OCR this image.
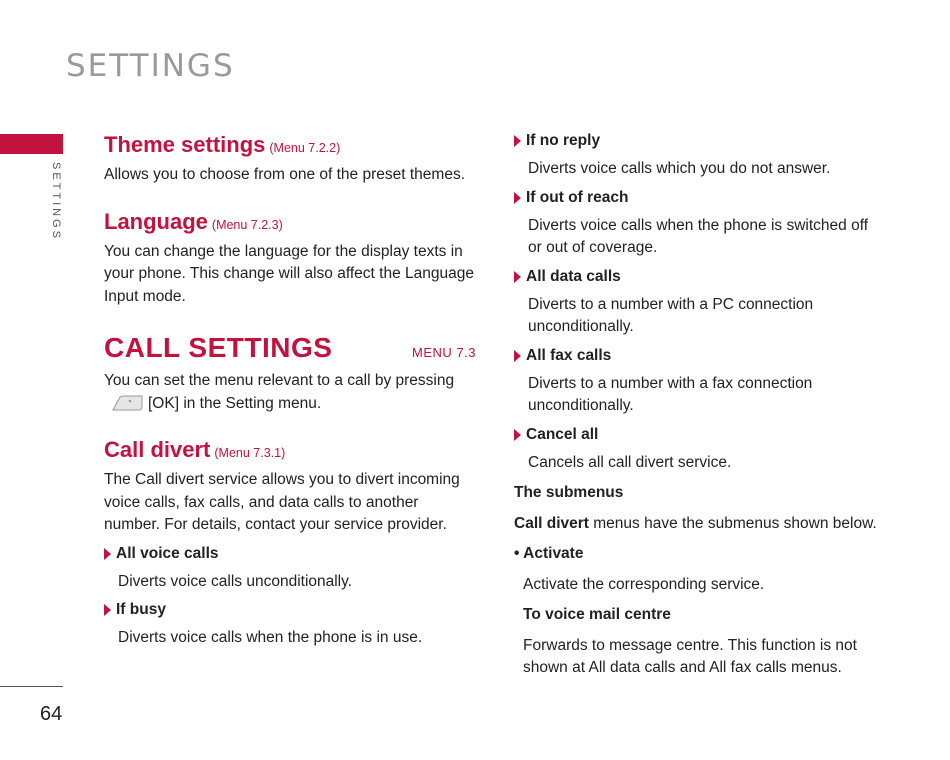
SETTINGS
SETTINGS
64
Theme settings (Menu 7.2.2)

Allows you to choose from one of the preset themes.

Language (Menu 7.2.3)

You can change the language for the display texts in your phone. This change will also affect the Language Input mode.

CALL SETTINGS	MENU 7.3

You can set the menu relevant to a call by pressing
[OK] in the Setting menu.

Call divert (Menu 7.3.1)

The Call divert service allows you to divert incoming voice calls, fax calls, and data calls to another number. For details, contact your service provider.

All voice calls

Diverts voice calls unconditionally.

If busy

Diverts voice calls when the phone is in use.

If no reply

Diverts voice calls which you do not answer.

If out of reach

Diverts voice calls when the phone is switched off or out of coverage.

All data calls

Diverts to a number with a PC connection unconditionally.

All fax calls

Diverts to a number with a fax connection unconditionally.

Cancel all

Cancels all call divert service.

The submenus

Call divert menus have the submenus shown below.

• Activate

Activate the corresponding service.

To voice mail centre

Forwards to message centre. This function is not shown at All data calls and All fax calls menus.
